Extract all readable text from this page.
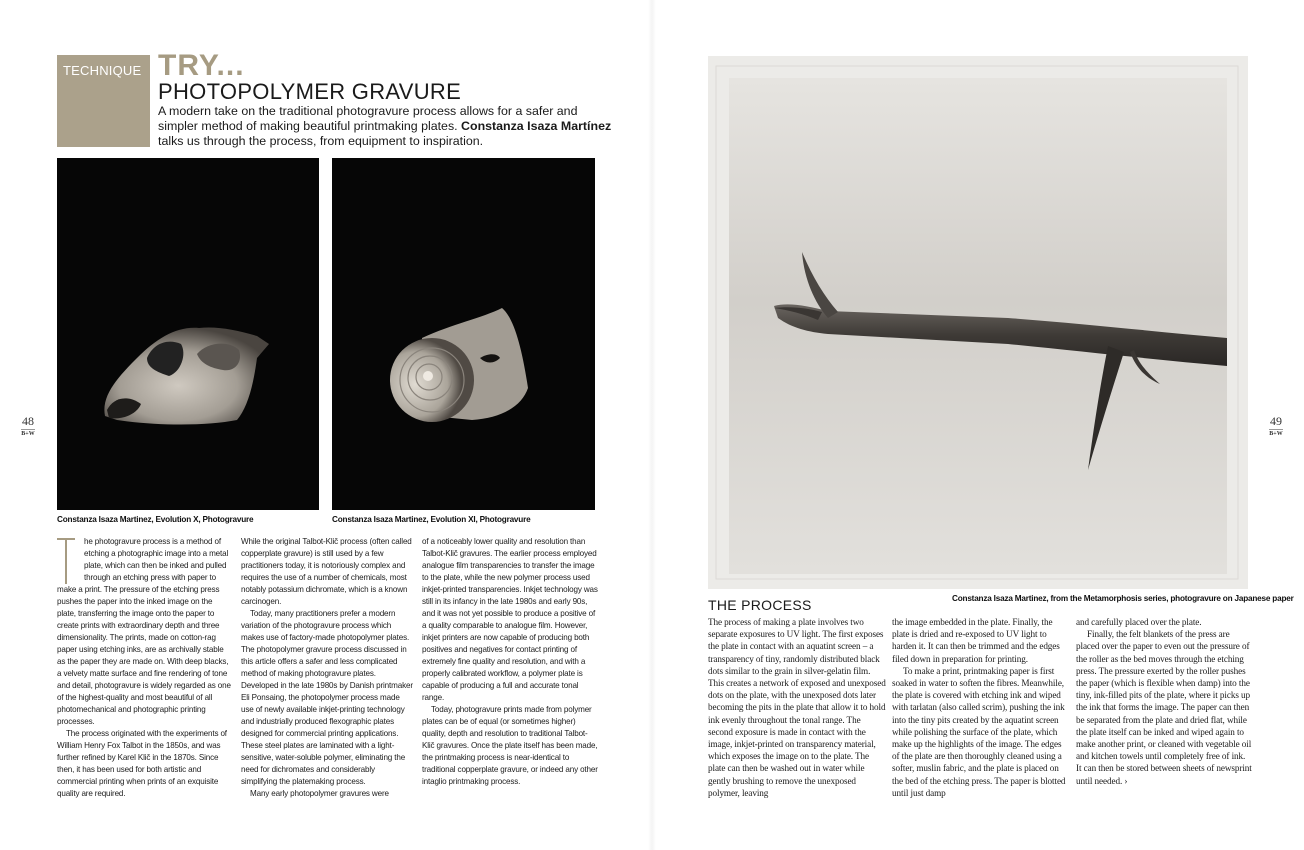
TECHNIQUE TRY...
PHOTOPOLYMER GRAVURE
A modern take on the traditional photogravure process allows for a safer and simpler method of making beautiful printmaking plates. Constanza Isaza Martínez talks us through the process, from equipment to inspiration.
Constanza Isaza Martinez, Evolution X, Photogravure	Constanza Isaza Martinez, Evolution XI, Photogravure

he photogravure process is a method of etching a photographic image into a metal plate, which can then be inked and pulled through an etching press with paper to make a print. The pressure of the etching press pushes the paper into the inked image on the plate, transferring the image onto the paper to create prints with extraordinary depth and three dimensionality. The prints, made on cotton-rag paper using etching inks, are as archivally stable as the paper they are made on. With deep blacks, a velvety matte surface and fine rendering of tone and detail, photogravure is widely regarded as one of the highest-quality and most beautiful of all photomechanical and photographic printing processes.

The process originated with the experiments of William Henry Fox Talbot in the 1850s, and was further refined by Karel Klič in the 1870s. Since then, it has been used for both artistic and commercial printing when prints of an exquisite quality are required.

While the original Talbot-Klič process (often called copperplate gravure) is still used by a few practitioners today, it is notoriously complex and requires the use of a number of chemicals, most notably potassium dichromate, which is a known carcinogen.

Today, many practitioners prefer a modern variation of the photogravure process which makes use of factory-made photopolymer plates. The photopolymer gravure process discussed in this article offers a safer and less complicated method of making photogravure plates. Developed in the late 1980s by Danish printmaker Eli Ponsaing, the photopolymer process made use of newly available inkjet-printing technology and industrially produced flexographic plates designed for commercial printing applications. These steel plates are laminated with a light-sensitive, water-soluble polymer, eliminating the need for dichromates and considerably simplifying the platemaking process.

Many early photopolymer gravures were

of a noticeably lower quality and resolution than Talbot-Klič gravures. The earlier process employed analogue film transparencies to transfer the image to the plate, while the new polymer process used inkjet-printed transparencies. Inkjet technology was still in its infancy in the late 1980s and early 90s, and it was not yet possible to produce a positive of a quality comparable to analogue film. However, inkjet printers are now capable of producing both positives and negatives for contact printing of extremely fine quality and resolution, and with a properly calibrated workflow, a polymer plate is capable of producing a full and accurate tonal range.

Today, photogravure prints made from polymer plates can be of equal (or sometimes higher) quality, depth and resolution to traditional Talbot-Klič gravures. Once the plate itself has been made, the printmaking process is near-identical to traditional copperplate gravure, or indeed any other intaglio printmaking process.

48
B+W
Constanza Isaza Martinez, from the Metamorphosis series, photogravure on Japanese paper
THE PROCESS

The process of making a plate involves two separate exposures to UV light. The first exposes the plate in contact with an aquatint screen – a transparency of tiny, randomly distributed black dots similar to the grain in silver-gelatin film. This creates a network of exposed and unexposed dots on the plate, with the unexposed dots later becoming the pits in the plate that allow it to hold ink evenly throughout the tonal range. The second exposure is made in contact with the image, inkjet-printed on transparency material, which exposes the image on to the plate. The plate can then be washed out in water while gently brushing to remove the unexposed polymer, leaving

the image embedded in the plate. Finally, the plate is dried and re-exposed to UV light to harden it. It can then be trimmed and the edges filed down in preparation for printing.

To make a print, printmaking paper is first soaked in water to soften the fibres. Meanwhile, the plate is covered with etching ink and wiped with tarlatan (also called scrim), pushing the ink into the tiny pits created by the aquatint screen while polishing the surface of the plate, which make up the highlights of the image. The edges of the plate are then thoroughly cleaned using a softer, muslin fabric, and the plate is placed on the bed of the etching press. The paper is blotted until just damp

and carefully placed over the plate.

Finally, the felt blankets of the press are placed over the paper to even out the pressure of the roller as the bed moves through the etching press. The pressure exerted by the roller pushes the paper (which is flexible when damp) into the tiny, ink-filled pits of the plate, where it picks up the ink that forms the image. The paper can then be separated from the plate and dried flat, while the plate itself can be inked and wiped again to make another print, or cleaned with vegetable oil and kitchen towels until completely free of ink. It can then be stored between sheets of newsprint until needed. ›

49
B+W
